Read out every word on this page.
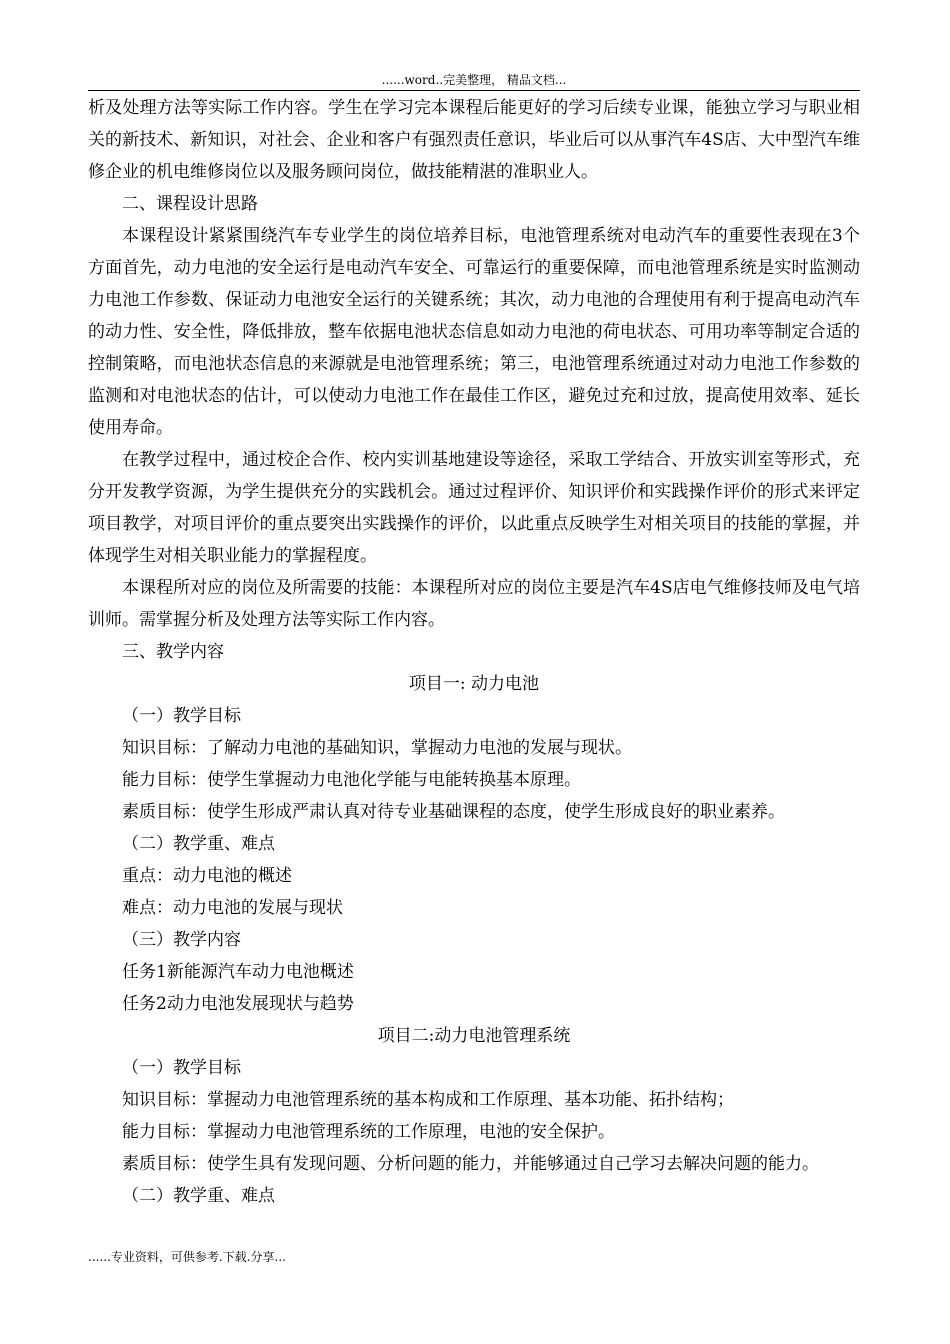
......word..完美整理， 精品文档...

析及处理方法等实际工作内容。学生在学习完本课程后能更好的学习后续专业课，能独立学习与职业相关的新技术、新知识，对社会、企业和客户有强烈责任意识，毕业后可以从事汽车4S店、大中型汽车维修企业的机电维修岗位以及服务顾问岗位，做技能精湛的准职业人。

二、课程设计思路

本课程设计紧紧围绕汽车专业学生的岗位培养目标，电池管理系统对电动汽车的重要性表现在3个方面首先，动力电池的安全运行是电动汽车安全、可靠运行的重要保障，而电池管理系统是实时监测动力电池工作参数、保证动力电池安全运行的关键系统；其次，动力电池的合理使用有利于提高电动汽车的动力性、安全性，降低排放，整车依据电池状态信息如动力电池的荷电状态、可用功率等制定合适的控制策略，而电池状态信息的来源就是电池管理系统；第三，电池管理系统通过对动力电池工作参数的监测和对电池状态的估计，可以使动力电池工作在最佳工作区，避免过充和过放，提高使用效率、延长使用寿命。

在教学过程中，通过校企合作、校内实训基地建设等途径，采取工学结合、开放实训室等形式，充分开发教学资源，为学生提供充分的实践机会。通过过程评价、知识评价和实践操作评价的形式来评定项目教学，对项目评价的重点要突出实践操作的评价，以此重点反映学生对相关项目的技能的掌握，并体现学生对相关职业能力的掌握程度。

本课程所对应的岗位及所需要的技能：本课程所对应的岗位主要是汽车4S店电气维修技师及电气培训师。需掌握分析及处理方法等实际工作内容。

三、教学内容

项目一: 动力电池

（一）教学目标

知识目标：了解动力电池的基础知识，掌握动力电池的发展与现状。

能力目标：使学生掌握动力电池化学能与电能转换基本原理。

素质目标：使学生形成严肃认真对待专业基础课程的态度，使学生形成良好的职业素养。

（二）教学重、难点

重点：动力电池的概述

难点：动力电池的发展与现状

（三）教学内容

任务1新能源汽车动力电池概述

任务2动力电池发展现状与趋势

项目二:动力电池管理系统

（一）教学目标

知识目标：掌握动力电池管理系统的基本构成和工作原理、基本功能、拓扑结构；

能力目标：掌握动力电池管理系统的工作原理，电池的安全保护。

素质目标：使学生具有发现问题、分析问题的能力，并能够通过自己学习去解决问题的能力。

（二）教学重、难点

......专业资料，可供参考.下载.分享...
